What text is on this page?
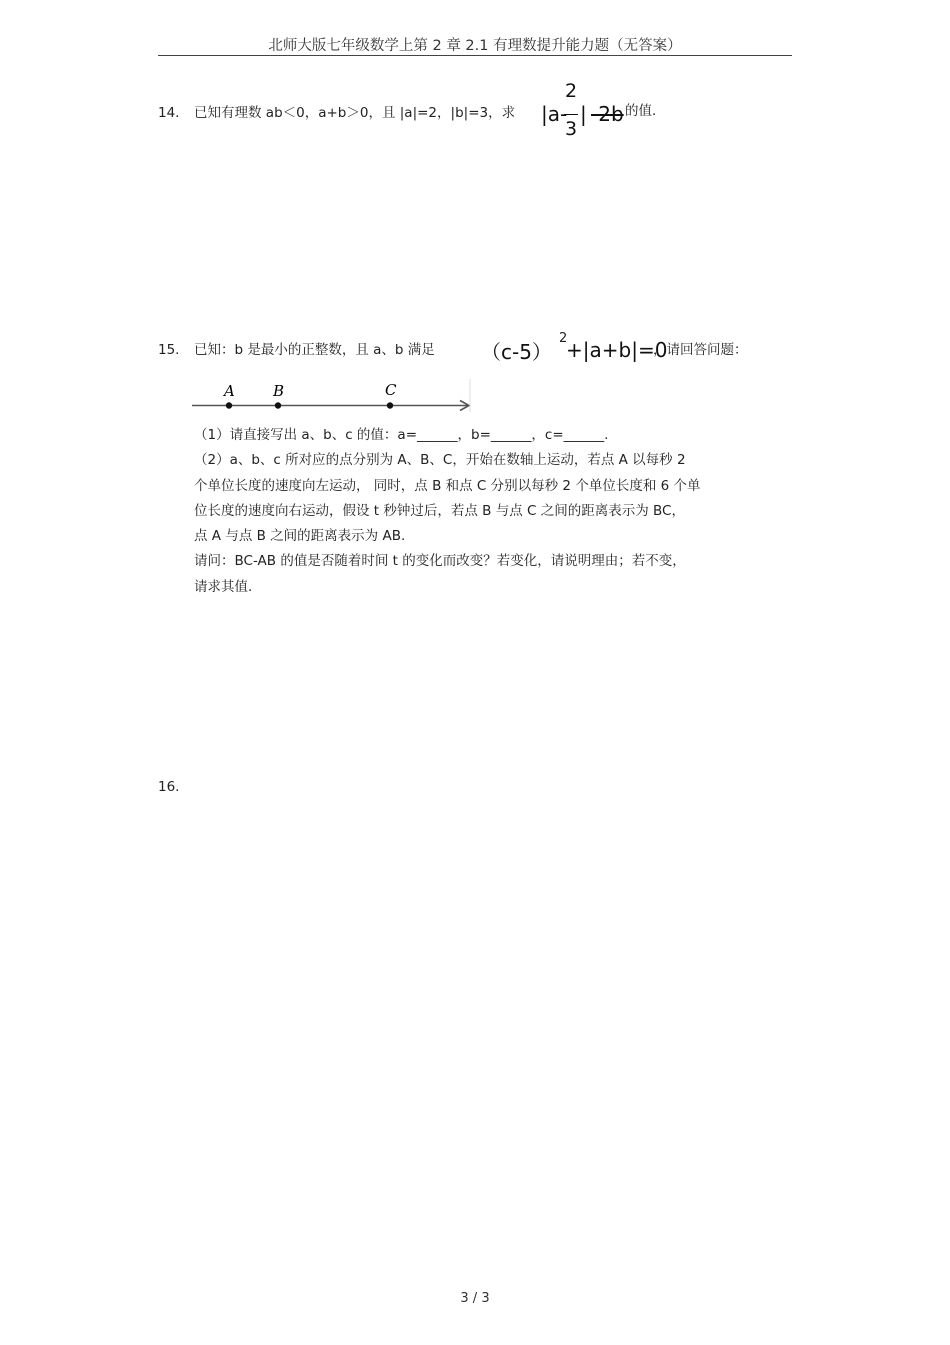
北师大版七年级数学上第 2 章 2.1 有理数提升能力题（无答案）
14. 已知有理数 ab＜0，a+b＞0，且 |a|=2，|b|=3，求 |a-
2
3
| -2b 的值.
15. 已知：b 是最小的正整数，且 a、b 满足 （c-5）
2
+|a+b|=0
，请回答问题：
A	B	C
（1）请直接写出 a、b、c 的值：a=______，b=______，c=______.
（2）a、b、c 所对应的点分别为 A、B、C，开始在数轴上运动，若点 A 以每秒 2
个单位长度的速度向左运动， 同时，点 B 和点 C 分别以每秒 2 个单位长度和 6 个单
位长度的速度向右运动，假设 t 秒钟过后，若点 B 与点 C 之间的距离表示为 BC，
点 A 与点 B 之间的距离表示为 AB.
请问：BC-AB 的值是否随着时间 t 的变化而改变？若变化，请说明理由；若不变，
请求其值.
16.
3 / 3
